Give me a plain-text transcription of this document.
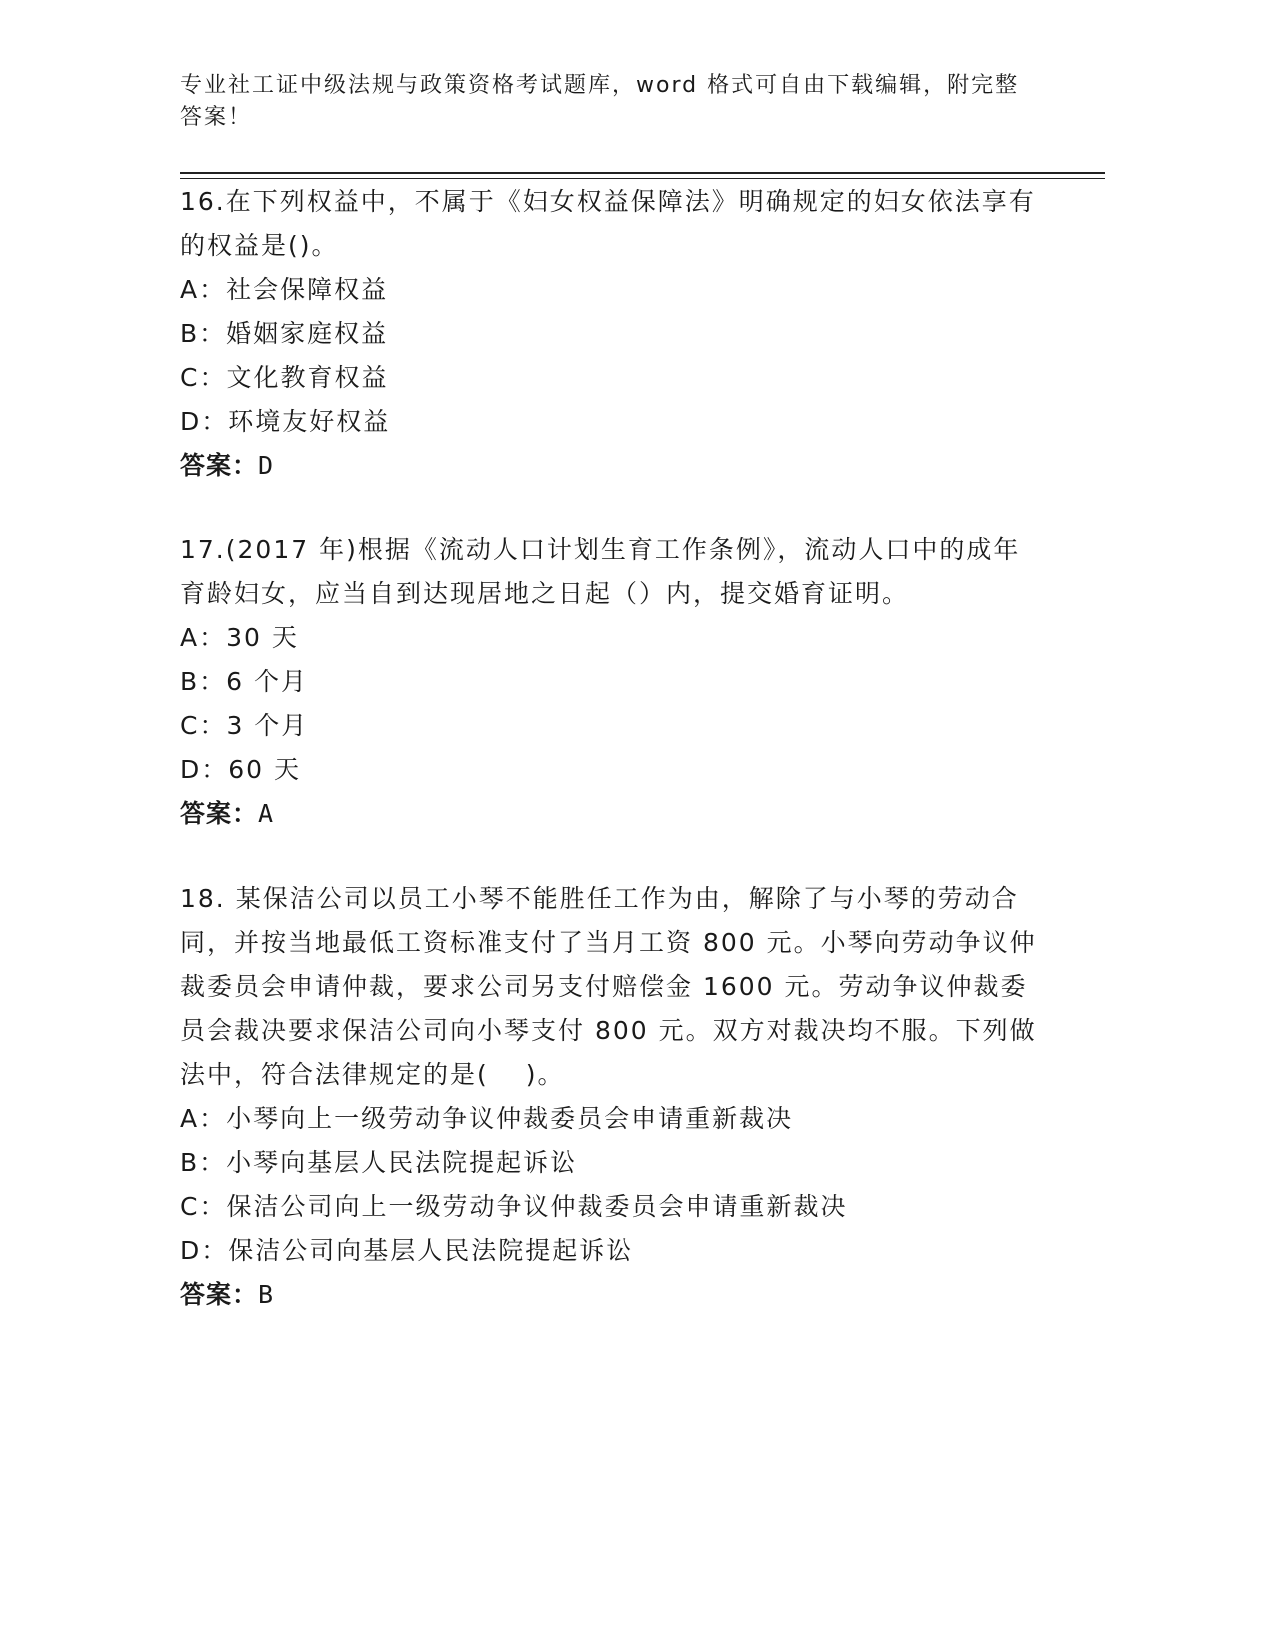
专业社工证中级法规与政策资格考试题库，word 格式可自由下载编辑，附完整答案！

16.在下列权益中，不属于《妇女权益保障法》明确规定的妇女依法享有的权益是()。

A：社会保障权益

B：婚姻家庭权益

C：文化教育权益

D：环境友好权益

答案：D

17.(2017 年)根据《流动人口计划生育工作条例》，流动人口中的成年育龄妇女，应当自到达现居地之日起（）内，提交婚育证明。

A：30 天

B：6 个月

C：3 个月

D：60 天

答案：A

18. 某保洁公司以员工小琴不能胜任工作为由，解除了与小琴的劳动合同，并按当地最低工资标准支付了当月工资 800 元。小琴向劳动争议仲裁委员会申请仲裁，要求公司另支付赔偿金 1600 元。劳动争议仲裁委员会裁决要求保洁公司向小琴支付 800 元。双方对裁决均不服。下列做法中，符合法律规定的是(　 )。

A：小琴向上一级劳动争议仲裁委员会申请重新裁决

B：小琴向基层人民法院提起诉讼

C：保洁公司向上一级劳动争议仲裁委员会申请重新裁决

D：保洁公司向基层人民法院提起诉讼

答案：B
